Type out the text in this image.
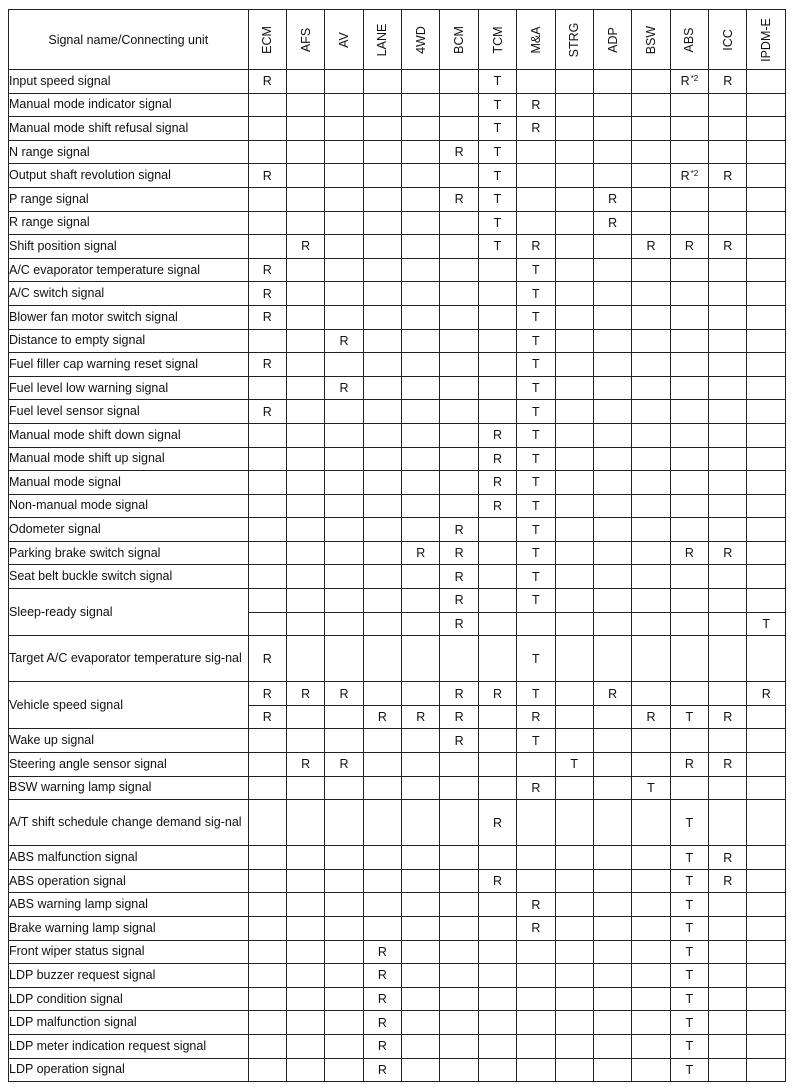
Signal name/Connecting unit	ECM	AFS	AV	LANE	4WD	BCM	TCM	M&A	STRG	ADP	BSW	ABS	ICC	IPDM-E

Input speed signal	R						T					$R^{*2}$	R	
Manual mode indicator signal							T	R						
Manual mode shift refusal signal							T	R						
N range signal						R	T							
Output shaft revolution signal	R						T					$R^{*2}$	R	
P range signal						R	T			R				
R range signal							T			R				
Shift position signal		R					T	R			R	R	R	
A/C evaporator temperature signal	R							T						
A/C switch signal	R							T						
Blower fan motor switch signal	R							T						
Distance to empty signal			R					T						
Fuel filler cap warning reset signal	R							T						
Fuel level low warning signal			R					T						
Fuel level sensor signal	R							T						
Manual mode shift down signal							R	T						
Manual mode shift up signal							R	T						
Manual mode signal							R	T						
Non-manual mode signal							R	T						
Odometer signal						R		T						
Parking brake switch signal					R	R		T				R	R	
Seat belt buckle switch signal						R		T						
Sleep-ready signal						R		T						
						R								T
Target A/C evaporator temperature sig-nal	R							T						
Vehicle speed signal	R	R	R			R	R	T		R				R
	R			R	R	R		R			R	T	R	
Wake up signal						R		T						
Steering angle sensor signal		R	R						T			R	R	
BSW warning lamp signal								R			T			
A/T shift schedule change demand sig-nal							R					T		
ABS malfunction signal												T	R	
ABS operation signal							R					T	R	
ABS warning lamp signal								R				T		
Brake warning lamp signal								R				T		
Front wiper status signal				R								T		
LDP buzzer request signal				R								T		
LDP condition signal				R								T		
LDP malfunction signal				R								T		
LDP meter indication request signal				R								T		
LDP operation signal				R								T		
